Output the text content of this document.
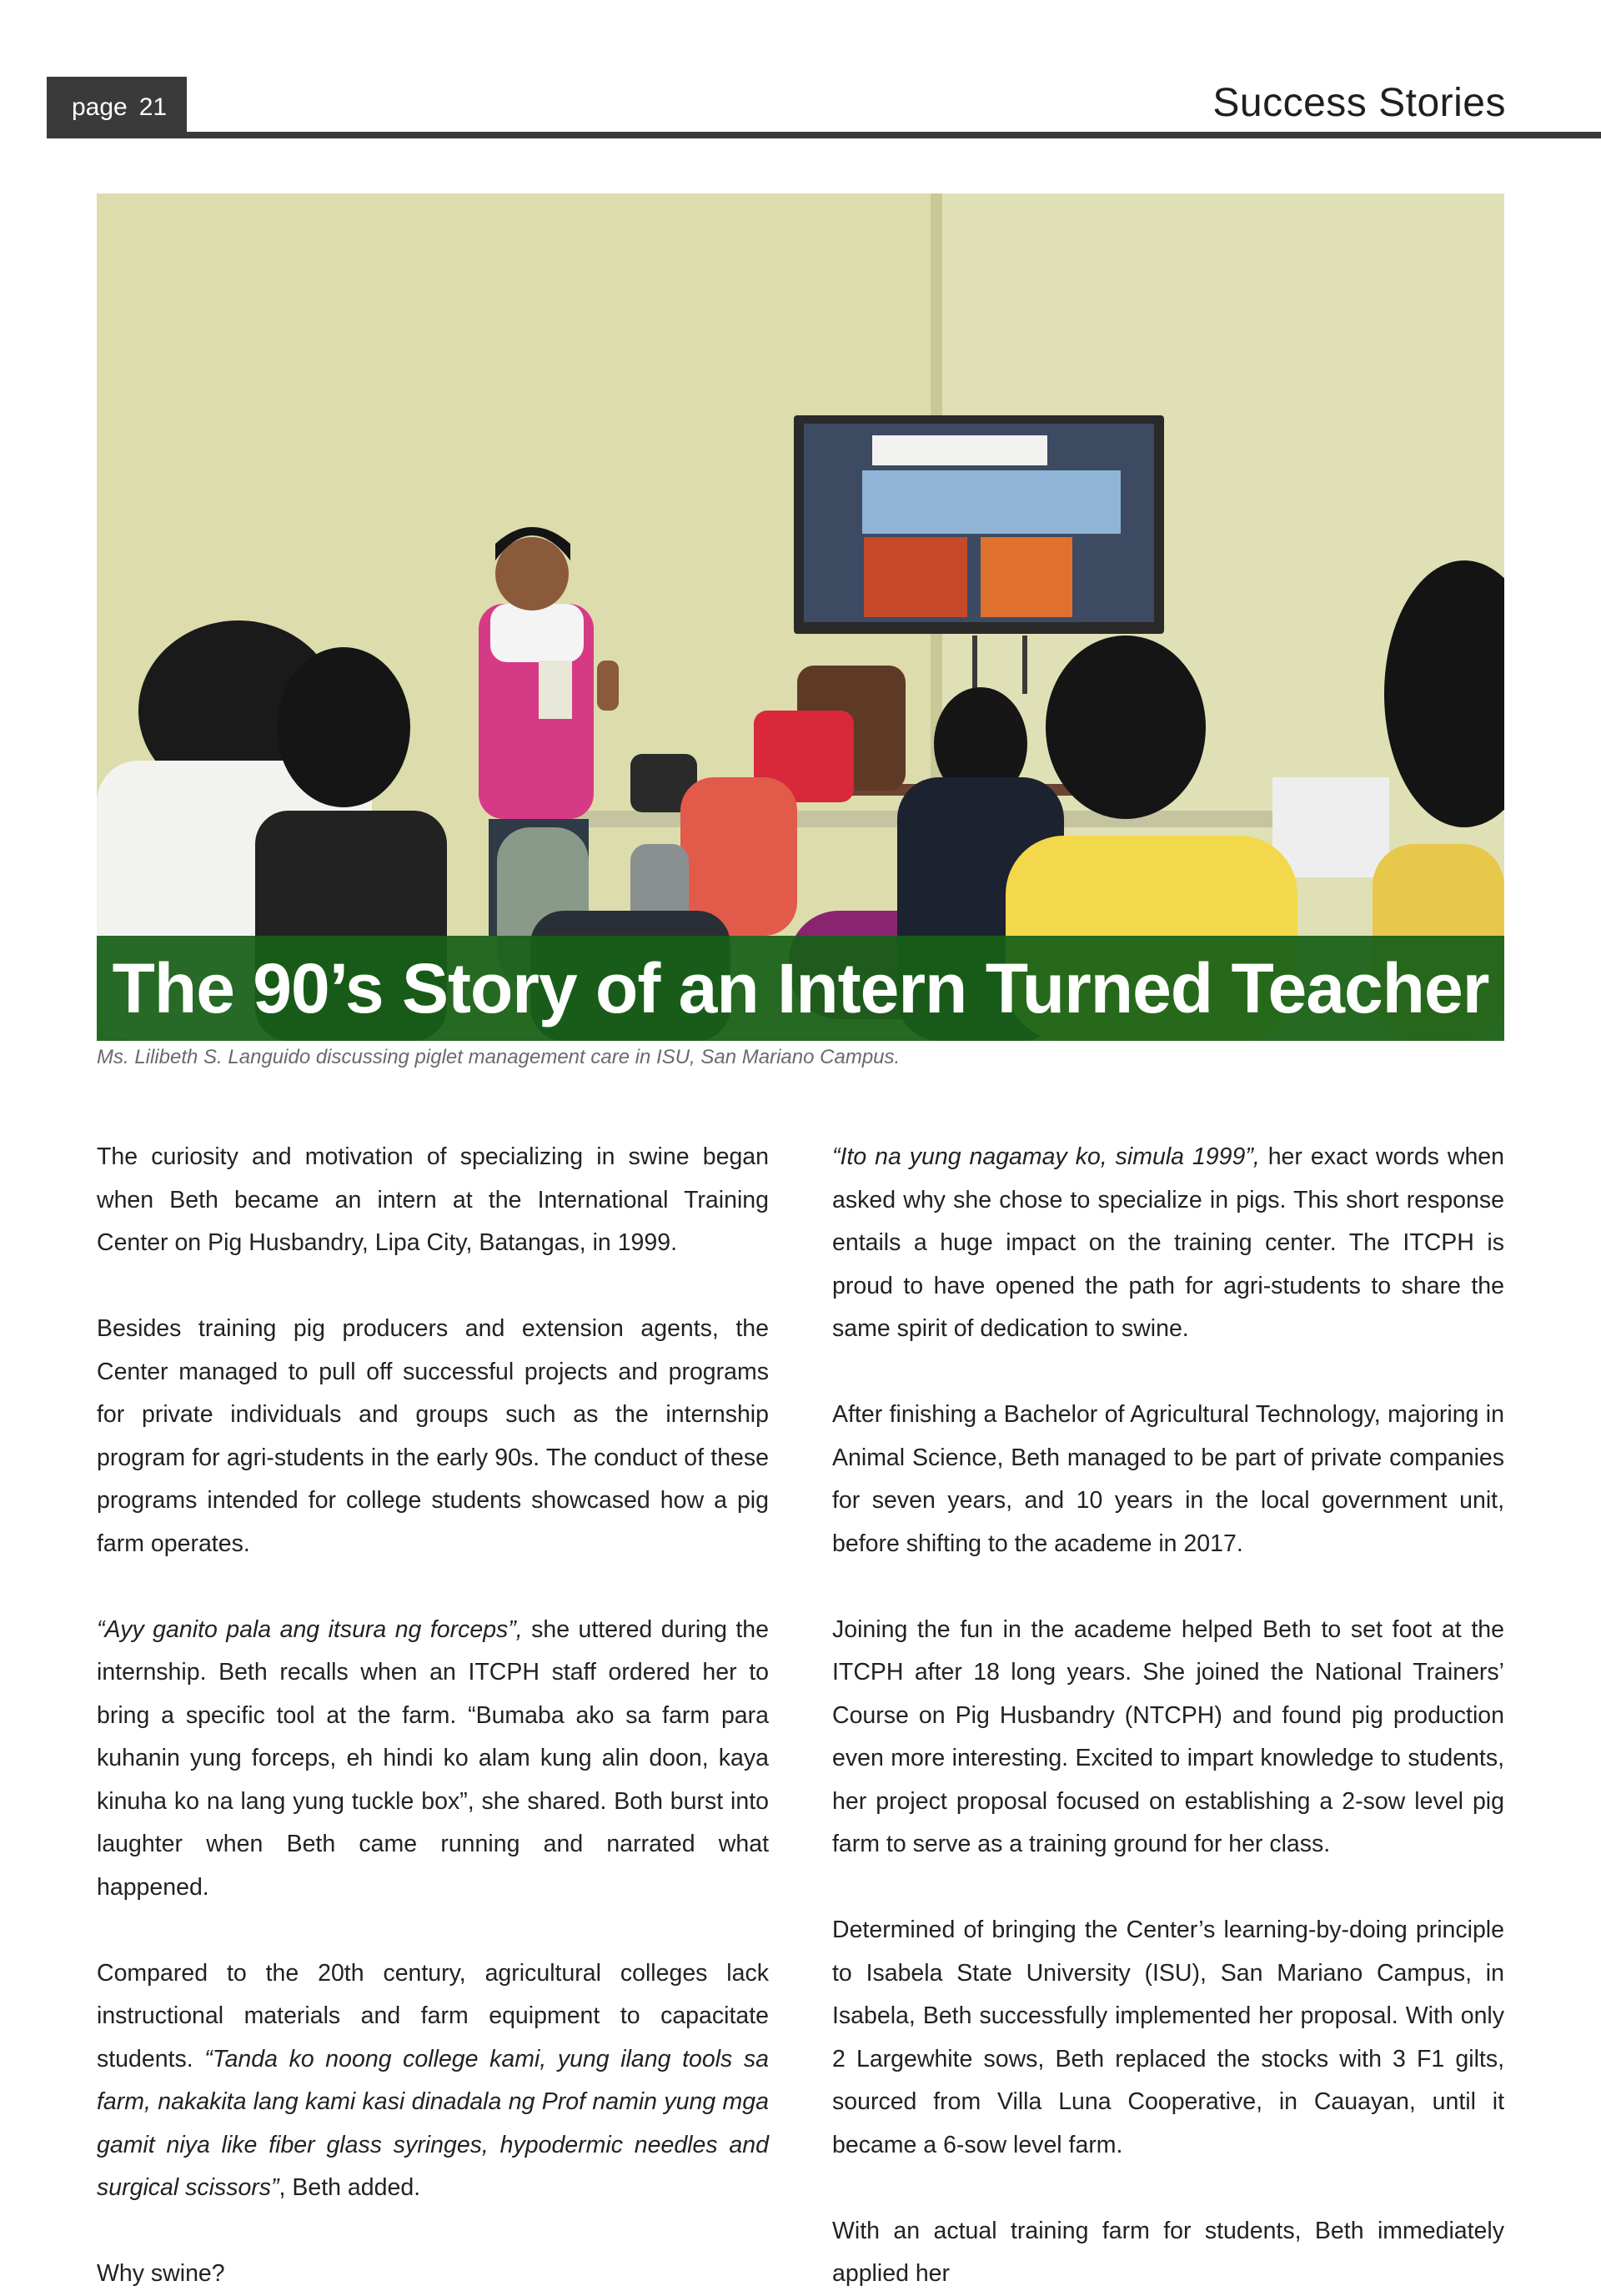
page 21	Success Stories
The 90’s Story of an Intern Turned Teacher
Ms. Lilibeth S. Languido discussing piglet management care in ISU, San Mariano Campus.

The curiosity and motivation of specializing in swine began when Beth became an intern at the International Training Center on Pig Husbandry, Lipa City, Batangas, in 1999.

Besides training pig producers and extension agents, the Center managed to pull off successful projects and programs for private individuals and groups such as the internship program for agri-students in the early 90s. The conduct of these programs intended for college students showcased how a pig farm operates.

“Ayy ganito pala ang itsura ng forceps”, she uttered during the internship. Beth recalls when an ITCPH staff ordered her to bring a specific tool at the farm. “Bumaba ako sa farm para kuhanin yung forceps, eh hindi ko alam kung alin doon, kaya kinuha ko na lang yung tuckle box”, she shared. Both burst into laughter when Beth came running and narrated what happened.

Compared to the 20th century, agricultural colleges lack instructional materials and farm equipment to capacitate students. “Tanda ko noong college kami, yung ilang tools sa farm, nakakita lang kami kasi dinadala ng Prof namin yung mga gamit niya like fiber glass syringes, hypodermic needles and surgical scissors”, Beth added.

Why swine?

“Ito na yung nagamay ko, simula 1999”, her exact words when asked why she chose to specialize in pigs. This short response entails a huge impact on the training center. The ITCPH is proud to have opened the path for agri-students to share the same spirit of dedication to swine.

After finishing a Bachelor of Agricultural Technology, majoring in Animal Science, Beth managed to be part of private companies for seven years, and 10 years in the local government unit, before shifting to the academe in 2017.

Joining the fun in the academe helped Beth to set foot at the ITCPH after 18 long years. She joined the National Trainers’ Course on Pig Husbandry (NTCPH) and found pig production even more interesting. Excited to impart knowledge to students, her project proposal focused on establishing a 2-sow level pig farm to serve as a training ground for her class.

Determined of bringing the Center’s learning-by-doing principle to Isabela State University (ISU), San Mariano Campus, in Isabela, Beth successfully implemented her proposal. With only 2 Largewhite sows, Beth replaced the stocks with 3 F1 gilts, sourced from Villa Luna Cooperative, in Cauayan, until it became a 6-sow level farm.

With an actual training farm for students, Beth immediately applied her
